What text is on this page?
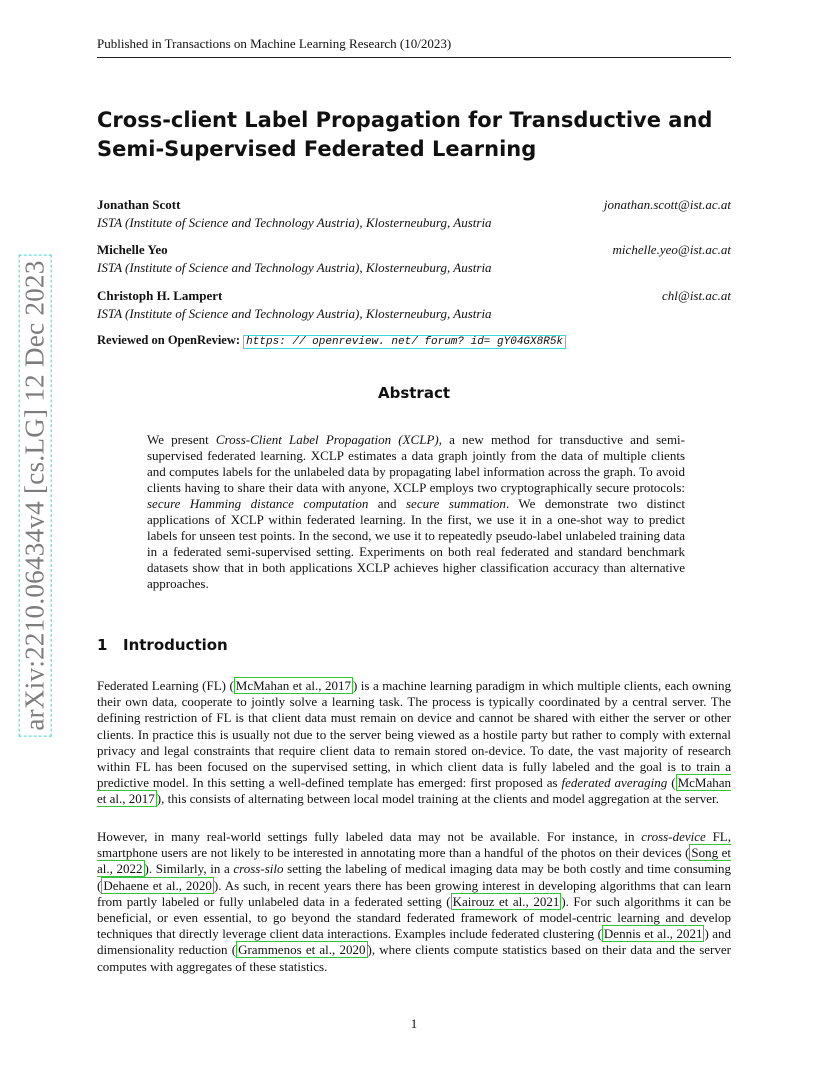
arXiv:2210.06434v4 [cs.LG] 12 Dec 2023
Published in Transactions on Machine Learning Research (10/2023)
Cross-client Label Propagation for Transductive and Semi-Supervised Federated Learning
Jonathan Scott	jonathan.scott@ist.ac.at
ISTA (Institute of Science and Technology Austria), Klosterneuburg, Austria
Michelle Yeo	michelle.yeo@ist.ac.at
ISTA (Institute of Science and Technology Austria), Klosterneuburg, Austria
Christoph H. Lampert	chl@ist.ac.at
ISTA (Institute of Science and Technology Austria), Klosterneuburg, Austria
Reviewed on OpenReview: https: // openreview. net/ forum? id= gY04GX8R5k
Abstract

We present Cross-Client Label Propagation (XCLP), a new method for transductive and semi-supervised federated learning. XCLP estimates a data graph jointly from the data of multiple clients and computes labels for the unlabeled data by propagating label information across the graph. To avoid clients having to share their data with anyone, XCLP employs two cryptographically secure protocols: secure Hamming distance computation and secure summation. We demonstrate two distinct applications of XCLP within federated learning. In the first, we use it in a one-shot way to predict labels for unseen test points. In the second, we use it to repeatedly pseudo-label unlabeled training data in a federated semi-supervised setting. Experiments on both real federated and standard benchmark datasets show that in both applications XCLP achieves higher classification accuracy than alternative approaches.

1 Introduction

Federated Learning (FL) ( McMahan et al., 2017 ) is a machine learning paradigm in which multiple clients, each owning their own data, cooperate to jointly solve a learning task. The process is typically coordinated by a central server. The defining restriction of FL is that client data must remain on device and cannot be shared with either the server or other clients. In practice this is usually not due to the server being viewed as a hostile party but rather to comply with external privacy and legal constraints that require client data to remain stored on-device. To date, the vast majority of research within FL has been focused on the supervised setting, in which client data is fully labeled and the goal is to train a predictive model. In this setting a well-defined template has emerged: first proposed as federated averaging ( McMahan et al., 2017 ), this consists of alternating between local model training at the clients and model aggregation at the server.

However, in many real-world settings fully labeled data may not be available. For instance, in cross-device FL, smartphone users are not likely to be interested in annotating more than a handful of the photos on their devices ( Song et al., 2022 ). Similarly, in a cross-silo setting the labeling of medical imaging data may be both costly and time consuming ( Dehaene et al., 2020 ). As such, in recent years there has been growing interest in developing algorithms that can learn from partly labeled or fully unlabeled data in a federated setting ( Kairouz et al., 2021 ). For such algorithms it can be beneficial, or even essential, to go beyond the standard federated framework of model-centric learning and develop techniques that directly leverage client data interactions. Examples include federated clustering ( Dennis et al., 2021 ) and dimensionality reduction ( Grammenos et al., 2020 ), where clients compute statistics based on their data and the server computes with aggregates of these statistics.

1
